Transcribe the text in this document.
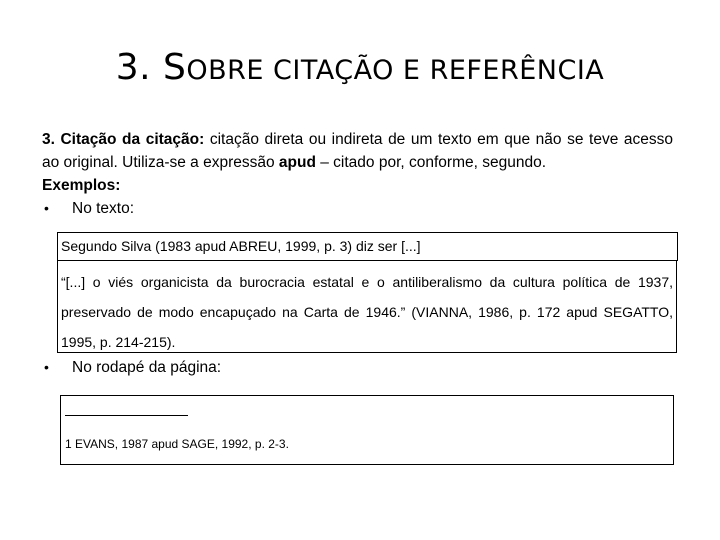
3. SOBRE CITAÇÃO E REFERÊNCIA

3. Citação da citação: citação direta ou indireta de um texto em que não se teve acesso ao original. Utiliza-se a expressão apud – citado por, conforme, segundo.

Exemplos:

•	No texto:

Segundo Silva (1983 apud ABREU, 1999, p. 3) diz ser [...]
“[...] o viés organicista da burocracia estatal e o antiliberalismo da cultura política de 1937, preservado de modo encapuçado na Carta de 1946.” (VIANNA, 1986, p. 172 apud SEGATTO, 1995, p. 214-215).
•	No rodapé da página:
1 EVANS, 1987 apud SAGE, 1992, p. 2-3.
